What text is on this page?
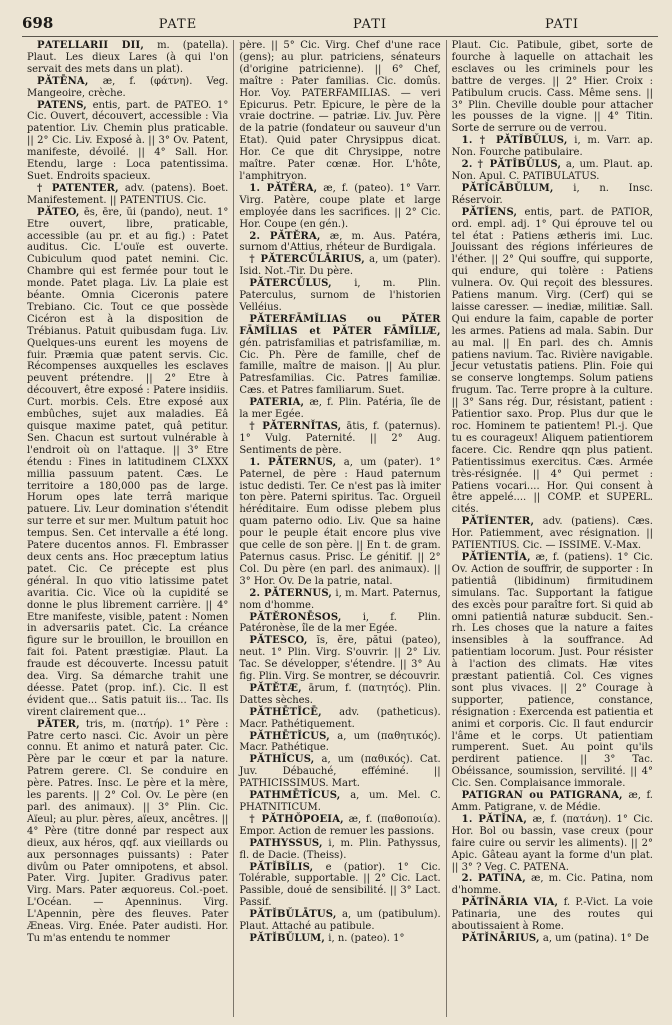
698	PATE	PATI	PATI

PĂTELLĀRII DII, m. (patella). Plaut. Les dieux Lares (à qui l'on servait des mets dans un plat).

PĂTĒNA, æ, f. (φάτνη). Veg. Mangeoire, crèche.

PATENS, entis, part. de PATEO. 1° Cic. Ouvert, découvert, accessible : Via patentior. Liv. Chemin plus praticable. || 2° Cic. Liv. Exposé à. || 3° Ov. Patent, manifeste, dévoilé. || 4° Sall. Hor. Etendu, large : Loca patentissima. Suet. Endroits spacieux.

† PATENTER, adv. (patens). Boet. Manifestement. || PATENTIUS. Cic.

PĂTEO, ēs, ēre, ŭi (pando), neut. 1° Etre ouvert, libre, praticable, accessible (au pr. et au fig.) : Patet auditus. Cic. L'ouïe est ouverte. Cubiculum quod patet nemini. Cic. Chambre qui est fermée pour tout le monde. Patet plaga. Liv. La plaie est béante. Omnia Ciceronis patere Trebiano. Cic. Tout ce que possède Cicéron est à la disposition de Trébianus. Patuit quibusdam fuga. Liv. Quelques-uns eurent les moyens de fuir. Præmia quæ patent servis. Cic. Récompenses auxquelles les esclaves peuvent prétendre. || 2° Etre à découvert, être exposé : Patere insidiis. Curt. morbis. Cels. Etre exposé aux embûches, sujet aux maladies. Eâ quisque maxime patet, quâ petitur. Sen. Chacun est surtout vulnérable à l'endroit où on l'attaque. || 3° Etre étendu : Fines in latitudinem CLXXX millia passuum patent. Cæs. Le territoire a 180,000 pas de large. Horum opes late terrâ marique patuere. Liv. Leur domination s'étendit sur terre et sur mer. Multum patuit hoc tempus. Sen. Cet intervalle a été long. Patere ducentos annos. Fl. Embrasser deux cents ans. Hoc præceptum latius patet. Cic. Ce précepte est plus général. In quo vitio latissime patet avaritia. Cic. Vice où la cupidité se donne le plus librement carrière. || 4° Etre manifeste, visible, patent : Nomen in adversariis patet. Cic. La créance figure sur le brouillon, le brouillon en fait foi. Patent præstigiæ. Plaut. La fraude est découverte. Incessu patuit dea. Virg. Sa démarche trahit une déesse. Patet (prop. inf.). Cic. Il est évident que... Satis patuit iis... Tac. Ils virent clairement que...

PĂTER, tris, m. (πατήρ). 1° Père : Patre certo nasci. Cic. Avoir un père connu. Et animo et naturâ pater. Cic. Père par le cœur et par la nature. Patrem gerere. Cl. Se conduire en père. Patres. Insc. Le père et la mère, les parents. || 2° Col. Ov. Le père (en parl. des animaux). || 3° Plin. Cic. Aïeul; au plur. pères, aïeux, ancêtres. || 4° Père (titre donné par respect aux dieux, aux héros, qqf. aux vieillards ou aux personnages puissants) : Pater divûm ou Pater omnipotens, et absol. Pater. Virg. Jupiter. Gradivus pater. Virg. Mars. Pater æquoreus. Col.-poet. L'Océan. — Apenninus. Virg. L'Apennin, père des fleuves. Pater Æneas. Virg. Enée. Pater audisti. Hor. Tu m'as entendu te nommer

père. || 5° Cic. Virg. Chef d'une race (gens); au plur. patriciens, sénateurs (d'origine patricienne). || 6° Chef, maître : Pater familias. Cic. domûs. Hor. Voy. PATERFAMILIAS. — veri Epicurus. Petr. Epicure, le père de la vraie doctrine. — patriæ. Liv. Juv. Père de la patrie (fondateur ou sauveur d'un Etat). Quid pater Chrysippus dicat. Hor. Ce que dit Chrysippe, notre maître. Pater cœnæ. Hor. L'hôte, l'amphitryon.

1. PĂTĔRA, æ, f. (pateo). 1° Varr. Virg. Patère, coupe plate et large employée dans les sacrifices. || 2° Cic. Hor. Coupe (en gén.).

2. PĂTĔRA, æ, m. Aus. Patéra, surnom d'Attius, rhéteur de Burdigala.

† PĂTERCŬLĀRIUS, a, um (pater). Isid. Not.-Tir. Du père.

PĂTERCŬLUS, i, m. Plin. Paterculus, surnom de l'historien Velléius.

PĂTERFĀMĬLIAS ou PĂTER FĀMĬLIAS et PĂTER FĀMĬLIÆ, gén. patrisfamilias et patrisfamiliæ, m. Cic. Ph. Père de famille, chef de famille, maître de maison. || Au plur. Patresfamilias. Cic. Patres familiæ. Cæs. et Patres familiarum. Suet.

PATERIA, æ, f. Plin. Patéria, île de la mer Egée.

† PĂTERNĬTAS, ātis, f. (paternus). 1° Vulg. Paternité. || 2° Aug. Sentiments de père.

1. PĂTERNUS, a, um (pater). 1° Paternel, de père : Haud paternum istuc dedisti. Ter. Ce n'est pas là imiter ton père. Paterni spiritus. Tac. Orgueil héréditaire. Eum odisse plebem plus quam paterno odio. Liv. Que sa haine pour le peuple était encore plus vive que celle de son père. || En t. de gram. Paternus casus. Prisc. Le génitif. || 2° Col. Du père (en parl. des animaux). || 3° Hor. Ov. De la patrie, natal.

2. PĂTERNUS, i, m. Mart. Paternus, nom d'homme.

PĂTĔRONĒSOS, i, f. Plin. Patéronèse, île de la mer Egée.

PĂTESCO, ĭs, ĕre, pătui (pateo), neut. 1° Plin. Virg. S'ouvrir. || 2° Liv. Tac. Se développer, s'étendre. || 3° Au fig. Plin. Virg. Se montrer, se découvrir.

PĂTĔTÆ, ārum, f. (πατητός). Plin. Dattes sèches.

PĂTHĒTĬCĒ, adv. (patheticus). Macr. Pathétiquement.

PĂTHĒTĬCUS, a, um (παθητικός). Macr. Pathétique.

PĂTHĬCUS, a, um (παθικός). Cat. Juv. Débauché, efféminé. || PATHICISSIMUS. Mart.

PATHMĒTĬCUS, a, um. Mel. C. PHATNITICUM.

† PĂTHŎPOEIA, æ, f. (παθοποιία). Empor. Action de remuer les passions.

PATHYSSUS, i, m. Plin. Pathyssus, fl. de Dacie. (Theiss).

PĂTĬBĬLIS, e (patior). 1° Cic. Tolérable, supportable. || 2° Cic. Lact. Passible, doué de sensibilité. || 3° Lact. Passif.

PĂTĬBŬLĀTUS, a, um (patibulum). Plaut. Attaché au patibule.

PĂTĬBŬLUM, i, n. (pateo). 1°

Plaut. Cic. Patibule, gibet, sorte de fourche à laquelle on attachait les esclaves ou les criminels pour les battre de verges. || 2° Hier. Croix : Patibulum crucis. Cass. Même sens. || 3° Plin. Cheville double pour attacher les pousses de la vigne. || 4° Titin. Sorte de serrure ou de verrou.

1. † PĂTĬBŬLUS, i, m. Varr. ap. Non. Fourche patibulaire.

2. † PĂTĬBŬLUS, a, um. Plaut. ap. Non. Apul. C. PATIBULATUS.

PĂTĬCĀBŬLUM, i, n. Insc. Réservoir.

PĂTĬENS, entis, part. de PATIOR, ord. empl. adj. 1° Qui éprouve tel ou tel état : Patiens ætheris imi. Luc. Jouissant des régions inférieures de l'éther. || 2° Qui souffre, qui supporte, qui endure, qui tolère : Patiens vulnera. Ov. Qui reçoit des blessures. Patiens manum. Virg. (Cerf) qui se laisse caresser. — inediæ, militiæ. Sall. Qui endure la faim, capable de porter les armes. Patiens ad mala. Sabin. Dur au mal. || En parl. des ch. Amnis patiens navium. Tac. Rivière navigable. Jecur vetustatis patiens. Plin. Foie qui se conserve longtemps. Solum patiens frugum. Tac. Terre propre à la culture. || 3° Sans rég. Dur, résistant, patient : Patientior saxo. Prop. Plus dur que le roc. Hominem te patientem! Pl.-j. Que tu es courageux! Aliquem patientiorem facere. Cic. Rendre qqn plus patient. Patientissimus exercitus. Cæs. Armée très-résignée. || 4° Qui permet : Patiens vocari.... Hor. Qui consent à être appelé.... || COMP. et SUPERL. cités.

PĂTĬENTER, adv. (patiens). Cæs. Hor. Patiemment, avec résignation. || PATIENTIUS. Cic. — ISSIME. V.-Max.

PĂTĬENTĬA, æ, f. (patiens). 1° Cic. Ov. Action de souffrir, de supporter : In patientiâ (libidinum) firmitudinem simulans. Tac. Supportant la fatigue des excès pour paraître fort. Si quid ab omni patientiâ naturæ subducit. Sen.-rh. Les choses que la nature a faites insensibles à la souffrance. Ad patientiam locorum. Just. Pour résister à l'action des climats. Hæ vites præstant patientiâ. Col. Ces vignes sont plus vivaces. || 2° Courage à supporter, patience, constance, résignation : Exercenda est patientia et animi et corporis. Cic. Il faut endurcir l'âme et le corps. Ut patientiam rumperent. Suet. Au point qu'ils perdirent patience. || 3° Tac. Obéissance, soumission, servilité. || 4° Cic. Sen. Complaisance immorale.

PATIGRAN ou PATIGRANA, æ, f. Amm. Patigrane, v. de Médie.

1. PĂTĬNA, æ, f. (πατάνη). 1° Cic. Hor. Bol ou bassin, vase creux (pour faire cuire ou servir les aliments). || 2° Apic. Gâteau ayant la forme d'un plat. || 3° ? Veg. C. PATENA.

2. PATINA, æ, m. Cic. Patina, nom d'homme.

PĂTĬNĀRIA VIA, f. P.-Vict. La voie Patinaria, une des routes qui aboutissaient à Rome.

PĂTĬNĀRIUS, a, um (patina). 1° De
